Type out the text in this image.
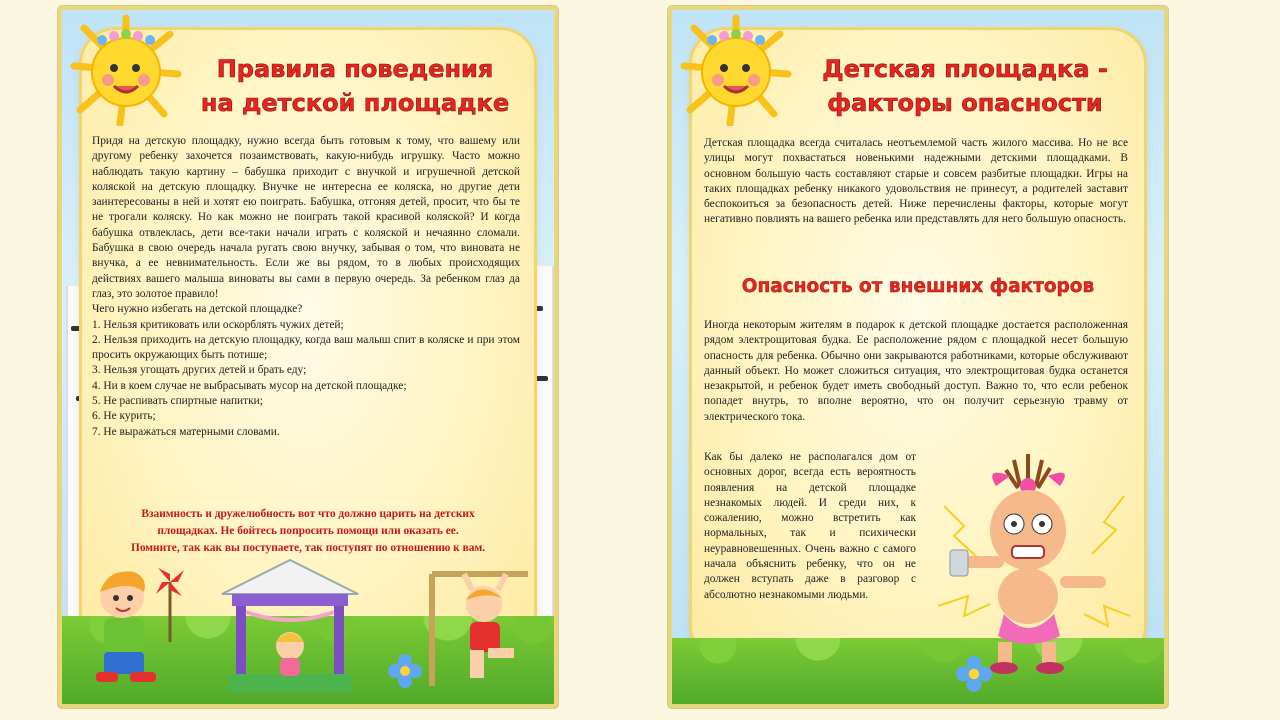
Правила поведения
на детской площадке

Придя на детскую площадку, нужно всегда быть готовым к тому, что вашему или другому ребенку захочется позаимствовать, какую-нибудь игрушку. Часто можно наблюдать такую картину – бабушка приходит с внучкой и игрушечной детской коляской на детскую площадку. Внучке не интересна ее коляска, но другие дети заинтересованы в ней и хотят ею поиграть. Бабушка, отгоняя детей, просит, что бы те не трогали коляску. Но как можно не поиграть такой красивой коляской? И когда бабушка отвлеклась, дети все-таки начали играть с коляской и нечаянно сломали. Бабушка в свою очередь начала ругать свою внучку, забывая о том, что виновата не внучка, а ее невнимательность. Если же вы рядом, то в любых происходящих действиях вашего малыша виноваты вы сами в первую очередь. За ребенком глаз да глаз, это золотое правило!

Чего нужно избегать на детской площадке?

1. Нельзя критиковать или оскорблять чужих детей;
2. Нельзя приходить на детскую площадку, когда ваш малыш спит в коляске и при этом просить окружающих быть потише;
3. Нельзя угощать других детей и брать еду;
4. Ни в коем случае не выбрасывать мусор на детской площадке;
5. Не распивать спиртные напитки;
6. Не курить;
7. Не выражаться матерными словами.
Взаимность и дружелюбность вот что должно царить на детских
площадках. Не бойтесь попросить помощи или оказать ее.
Помните, так как вы поступаете, так поступят по отношению к вам.
Детская площадка -
факторы опасности

Детская площадка всегда считалась неотъемлемой часть жилого массива. Но не все улицы могут похвастаться новенькими надежными детскими площадками. В основном большую часть составляют старые и совсем разбитые площадки. Игры на таких площадках ребенку никакого удовольствия не принесут, а родителей заставит беспокоиться за безопасность детей. Ниже перечислены факторы, которые могут негативно повлиять на вашего ребенка или представлять для него большую опасность.

Опасность от внешних факторов

Иногда некоторым жителям в подарок к детской площадке достается расположенная рядом электрощитовая будка. Ее расположение рядом с площадкой несет большую опасность для ребенка. Обычно они закрываются работниками, которые обслуживают данный объект. Но может сложиться ситуация, что электрощитовая будка останется незакрытой, и ребенок будет иметь свободный доступ. Важно то, что если ребенок попадет внутрь, то вполне вероятно, что он получит серьезную травму от электрического тока.

Как бы далеко не располагался дом от основных дорог, всегда есть вероятность появления на детской площадке незнакомых людей. И среди них, к сожалению, можно встретить как нормальных, так и психически неуравновешенных. Очень важно с самого начала объяснить ребенку, что он не должен вступать даже в разговор с абсолютно незнакомыми людьми.
